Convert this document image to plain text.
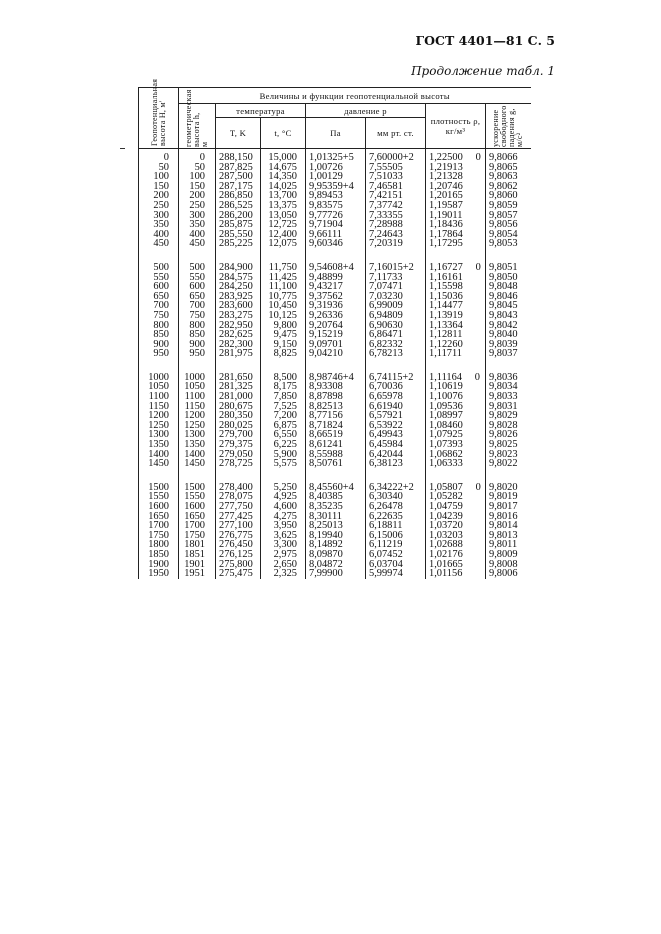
ГОСТ 4401—81 С. 5
Продолжение табл. 1
Геопотенциальная высота H, м'	Величины и функции геопотенциальной высоты						

	геометрическая высота h, м	температура		давление p		плотность ρ, кг/м³	ускорение свободного падения g, м/с²

		T, K	t, °C	Па	мм рт. ст.		
0	0	288,150	15,000	1,01325+5	7,60000+2	1,22500 0	9,8066
50	50	287,825	14,675	1,00726	7,55505	1,21913	9,8065
100	100	287,500	14,350	1,00129	7,51033	1,21328	9,8063
150	150	287,175	14,025	9,95359+4	7,46581	1,20746	9,8062
200	200	286,850	13,700	9,89453	7,42151	1,20165	9,8060
250	250	286,525	13,375	9,83575	7,37742	1,19587	9,8059
300	300	286,200	13,050	9,77726	7,33355	1,19011	9,8057
350	350	285,875	12,725	9,71904	7,28988	1,18436	9,8056
400	400	285,550	12,400	9,66111	7,24643	1,17864	9,8054
450	450	285,225	12,075	9,60346	7,20319	1,17295	9,8053

500	500	284,900	11,750	9,54608+4	7,16015+2	1,16727 0	9,8051
550	550	284,575	11,425	9,48899	7,11733	1,16161	9,8050
600	600	284,250	11,100	9,43217	7,07471	1,15598	9,8048
650	650	283,925	10,775	9,37562	7,03230	1,15036	9,8046
700	700	283,600	10,450	9,31936	6,99009	1,14477	9,8045
750	750	283,275	10,125	9,26336	6,94809	1,13919	9,8043
800	800	282,950	9,800	9,20764	6,90630	1,13364	9,8042
850	850	282,625	9,475	9,15219	6,86471	1,12811	9,8040
900	900	282,300	9,150	9,09701	6,82332	1,12260	9,8039
950	950	281,975	8,825	9,04210	6,78213	1,11711	9,8037

1000	1000	281,650	8,500	8,98746+4	6,74115+2	1,11164 0	9,8036
1050	1050	281,325	8,175	8,93308	6,70036	1,10619	9,8034
1100	1100	281,000	7,850	8,87898	6,65978	1,10076	9,8033
1150	1150	280,675	7,525	8,82513	6,61940	1,09536	9,8031
1200	1200	280,350	7,200	8,77156	6,57921	1,08997	9,8029
1250	1250	280,025	6,875	8,71824	6,53922	1,08460	9,8028
1300	1300	279,700	6,550	8,66519	6,49943	1,07925	9,8026
1350	1350	279,375	6,225	8,61241	6,45984	1,07393	9,8025
1400	1400	279,050	5,900	8,55988	6,42044	1,06862	9,8023
1450	1450	278,725	5,575	8,50761	6,38123	1,06333	9,8022

1500	1500	278,400	5,250	8,45560+4	6,34222+2	1,05807 0	9,8020
1550	1550	278,075	4,925	8,40385	6,30340	1,05282	9,8019
1600	1600	277,750	4,600	8,35235	6,26478	1,04759	9,8017
1650	1650	277,425	4,275	8,30111	6,22635	1,04239	9,8016
1700	1700	277,100	3,950	8,25013	6,18811	1,03720	9,8014
1750	1750	276,775	3,625	8,19940	6,15006	1,03203	9,8013
1800	1801	276,450	3,300	8,14892	6,11219	1,02688	9,8011
1850	1851	276,125	2,975	8,09870	6,07452	1,02176	9,8009
1900	1901	275,800	2,650	8,04872	6,03704	1,01665	9,8008
1950	1951	275,475	2,325	7,99900	5,99974	1,01156	9,8006
